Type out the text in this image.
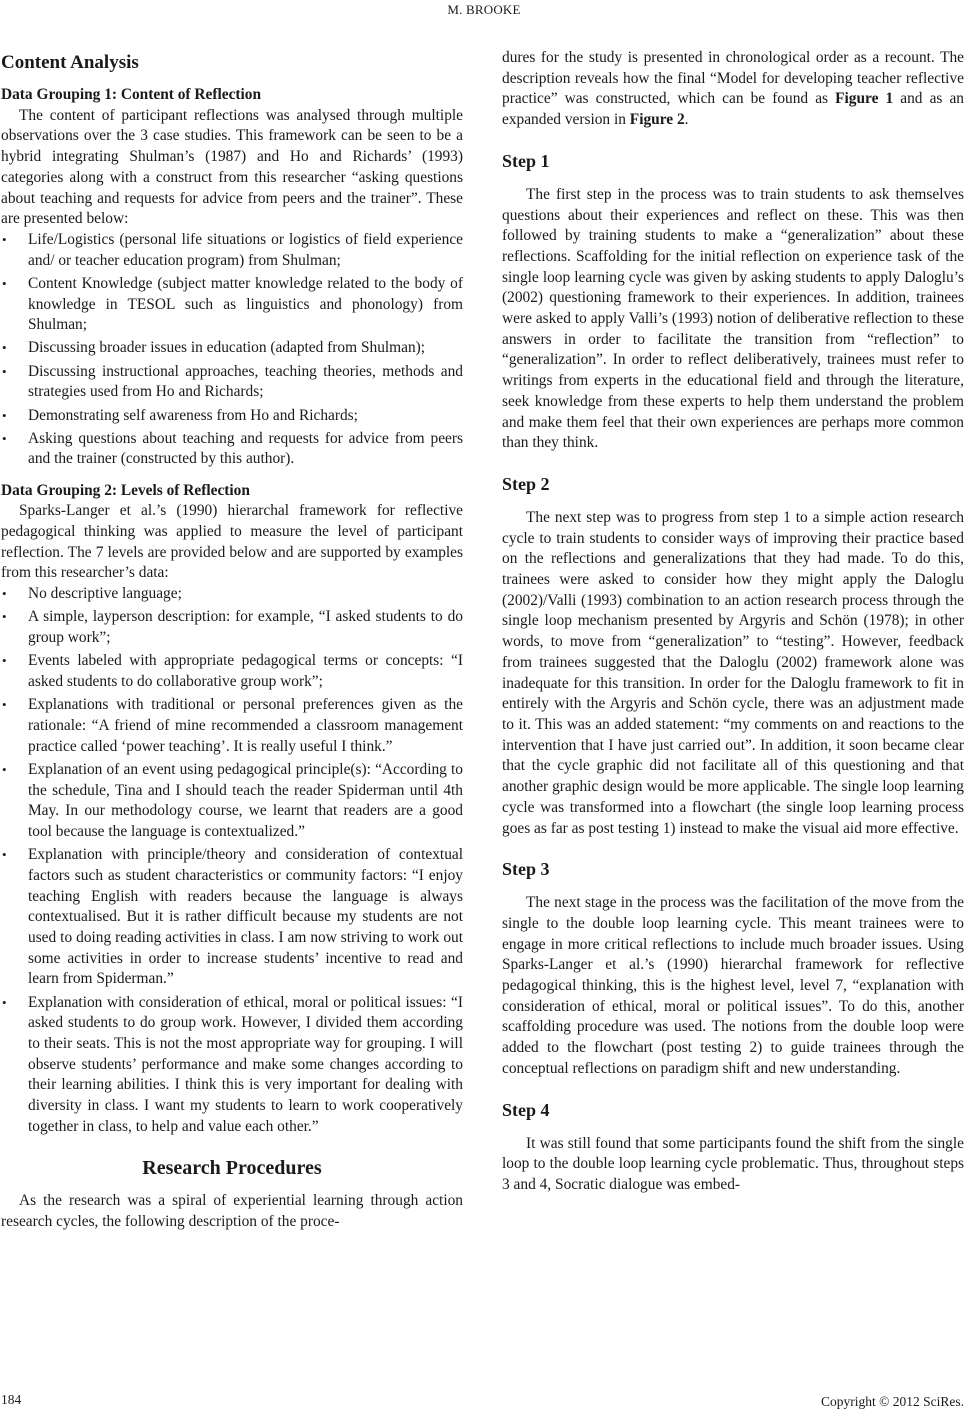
M. BROOKE
Content Analysis
Data Grouping 1: Content of Reflection

The content of participant reflections was analysed through multiple observations over the 3 case studies. This framework can be seen to be a hybrid integrating Shulman’s (1987) and Ho and Richards’ (1993) categories along with a construct from this researcher “asking questions about teaching and requests for advice from peers and the trainer”. These are presented below:

• Life/Logistics (personal life situations or logistics of field experience and/ or teacher education program) from Shulman;
• Content Knowledge (subject matter knowledge related to the body of knowledge in TESOL such as linguistics and phonology) from Shulman;
• Discussing broader issues in education (adapted from Shulman);
• Discussing instructional approaches, teaching theories, methods and strategies used from Ho and Richards;
• Demonstrating self awareness from Ho and Richards;
• Asking questions about teaching and requests for advice from peers and the trainer (constructed by this author).
Data Grouping 2: Levels of Reflection

Sparks-Langer et al.’s (1990) hierarchal framework for reflective pedagogical thinking was applied to measure the level of participant reflection. The 7 levels are provided below and are supported by examples from this researcher’s data:

• No descriptive language;
• A simple, layperson description: for example, “I asked students to do group work”;
• Events labeled with appropriate pedagogical terms or concepts: “I asked students to do collaborative group work”;
• Explanations with traditional or personal preferences given as the rationale: “A friend of mine recommended a classroom management practice called ‘power teaching’. It is really useful I think.”
• Explanation of an event using pedagogical principle(s): “According to the schedule, Tina and I should teach the reader Spiderman until 4th May. In our methodology course, we learnt that readers are a good tool because the language is contextualized.”
• Explanation with principle/theory and consideration of contextual factors such as student characteristics or community factors: “I enjoy teaching English with readers because the language is always contextualised. But it is rather difficult because my students are not used to doing reading activities in class. I am now striving to work out some activities in order to increase students’ incentive to read and learn from Spiderman.”
• Explanation with consideration of ethical, moral or political issues: “I asked students to do group work. However, I divided them according to their seats. This is not the most appropriate way for grouping. I will observe students’ performance and make some changes according to their learning abilities. I think this is very important for dealing with diversity in class. I want my students to learn to work cooperatively together in class, to help and value each other.”
Research Procedures

As the research was a spiral of experiential learning through action research cycles, the following description of the proce-

dures for the study is presented in chronological order as a recount. The description reveals how the final “Model for developing teacher reflective practice” was constructed, which can be found as Figure 1 and as an expanded version in Figure 2.

Step 1

The first step in the process was to train students to ask themselves questions about their experiences and reflect on these. This was then followed by training students to make a “generalization” about these reflections. Scaffolding for the initial reflection on experience task of the single loop learning cycle was given by asking students to apply Daloglu’s (2002) questioning framework to their experiences. In addition, trainees were asked to apply Valli’s (1993) notion of deliberative reflection to these answers in order to facilitate the transition from “reflection” to “generalization”. In order to reflect deliberatively, trainees must refer to writings from experts in the educational field and through the literature, seek knowledge from these experts to help them understand the problem and make them feel that their own experiences are perhaps more common than they think.

Step 2

The next step was to progress from step 1 to a simple action research cycle to train students to consider ways of improving their practice based on the reflections and generalizations that they had made. To do this, trainees were asked to consider how they might apply the Daloglu (2002)/Valli (1993) combination to an action research process through the single loop mechanism presented by Argyris and Schön (1978); in other words, to move from “generalization” to “testing”. However, feedback from trainees suggested that the Daloglu (2002) framework alone was inadequate for this transition. In order for the Daloglu framework to fit in entirely with the Argyris and Schön cycle, there was an adjustment made to it. This was an added statement: “my comments on and reactions to the intervention that I have just carried out”. In addition, it soon became clear that the cycle graphic did not facilitate all of this questioning and that another graphic design would be more applicable. The single loop learning cycle was transformed into a flowchart (the single loop learning process goes as far as post testing 1) instead to make the visual aid more effective.

Step 3

The next stage in the process was the facilitation of the move from the single to the double loop learning cycle. This meant trainees were to engage in more critical reflections to include much broader issues. Using Sparks-Langer et al.’s (1990) hierarchal framework for reflective pedagogical thinking, this is the highest level, level 7, “explanation with consideration of ethical, moral or political issues”. To do this, another scaffolding procedure was used. The notions from the double loop were added to the flowchart (post testing 2) to guide trainees through the conceptual reflections on paradigm shift and new understanding.

Step 4

It was still found that some participants found the shift from the single loop to the double loop learning cycle problematic. Thus, throughout steps 3 and 4, Socratic dialogue was embed-

184	Copyright © 2012 SciRes.
